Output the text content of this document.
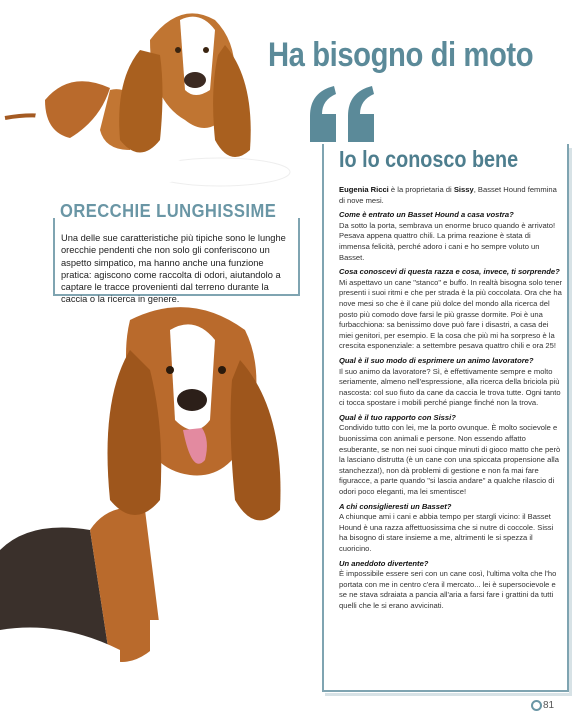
Ha bisogno di moto
ORECCHIE LUNGHISSIME
Una delle sue caratteristiche più tipiche sono le lunghe orecchie pendenti che non solo gli conferiscono un aspetto simpatico, ma hanno anche una funzione pratica: agiscono come raccolta di odori, aiutandolo a captare le tracce provenienti dal terreno durante la caccia o la ricerca in genere.
Io lo conosco bene

Eugenia Ricci è la proprietaria di Sissy, Basset Hound femmina di nove mesi.

Come è entrato un Basset Hound a casa vostra?

Da sotto la porta, sembrava un enorme bruco quando è arrivato! Pesava appena quattro chili. La prima reazione è stata di immensa felicità, perché adoro i cani e ho sempre voluto un Basset.

Cosa conoscevi di questa razza e cosa, invece, ti sorprende?

Mi aspettavo un cane "stanco" e buffo. In realtà bisogna solo tener presenti i suoi ritmi e che per strada è la più coccolata. Ora che ha nove mesi so che è il cane più dolce del mondo alla ricerca del posto più comodo dove farsi le più grasse dormite. Poi è una furbacchiona: sa benissimo dove può fare i disastri, a casa dei miei genitori, per esempio. E la cosa che più mi ha sorpreso è la crescita esponenziale: a settembre pesava quattro chili e ora 25!

Qual è il suo modo di esprimere un animo lavoratore?

Il suo animo da lavoratore? Sì, è effettivamente sempre e molto seriamente, almeno nell'espressione, alla ricerca della briciola più nascosta: col suo fiuto da cane da caccia le trova tutte. Ogni tanto ci tocca spostare i mobili perché piange finché non la trova.

Qual è il tuo rapporto con Sissi?

Condivido tutto con lei, me la porto ovunque. È molto socievole e buonissima con animali e persone. Non essendo affatto esuberante, se non nei suoi cinque minuti di gioco matto che però la lasciano distrutta (è un cane con una spiccata propensione alla stanchezza!), non dà problemi di gestione e non fa mai fare figuracce, a parte quando "si lascia andare" a qualche rilascio di odori poco eleganti, ma lei smentisce!

A chi consiglieresti un Basset?

A chiunque ami i cani e abbia tempo per stargli vicino: il Basset Hound è una razza affettuosissima che si nutre di coccole. Sissi ha bisogno di stare insieme a me, altrimenti le si spezza il cuoricino.

Un aneddoto divertente?

È impossibile essere seri con un cane così, l'ultima volta che l'ho portata con me in centro c'era il mercato... lei è supersocievole e se ne stava sdraiata a pancia all'aria a farsi fare i grattini da tutti quelli che le si erano avvicinati.

81
